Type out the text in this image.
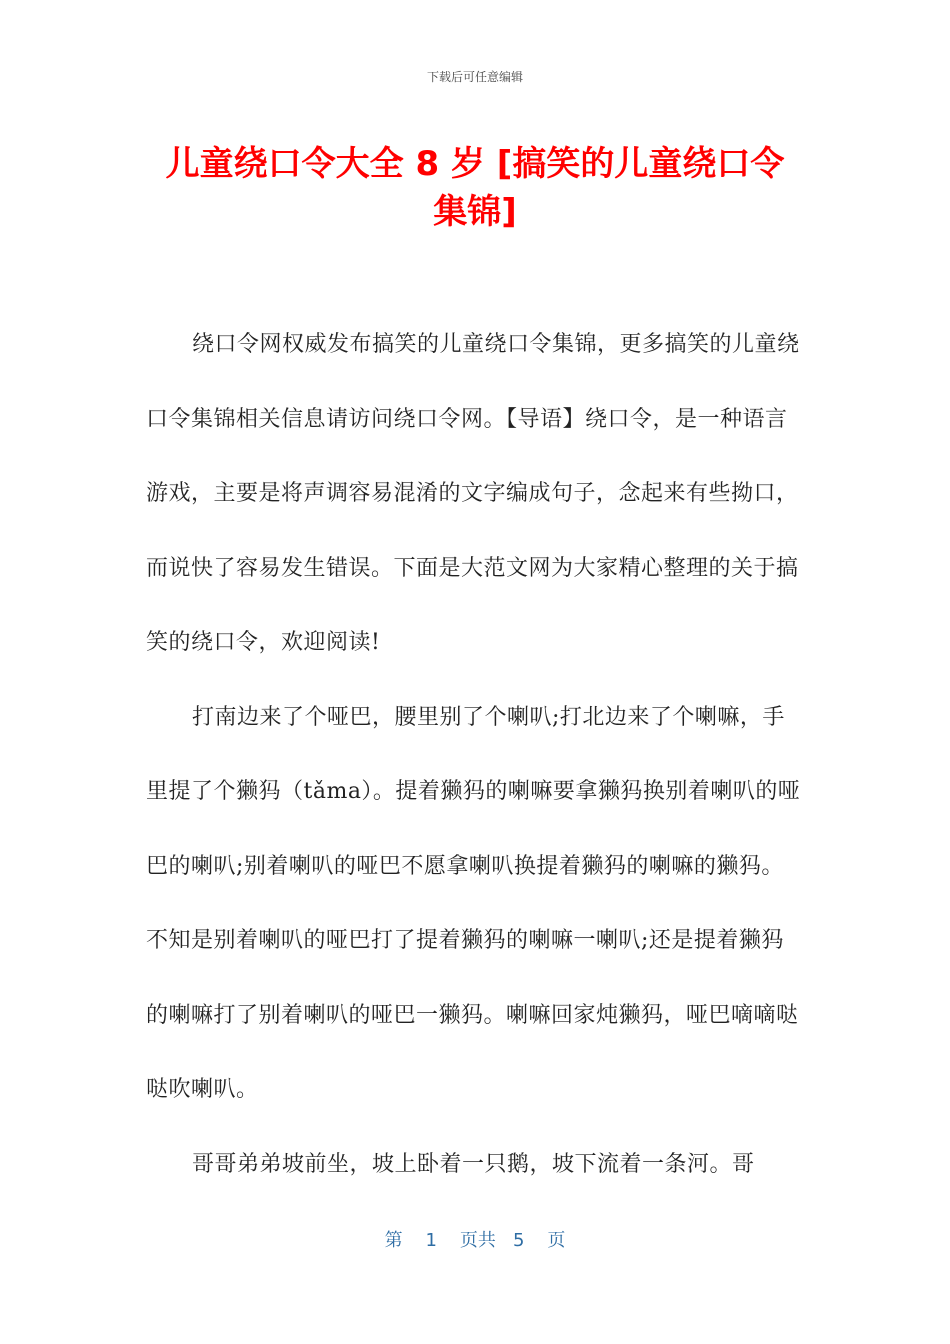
下载后可任意编辑
儿童绕口令大全 8 岁 [搞笑的儿童绕口令集锦]

绕口令网权威发布搞笑的儿童绕口令集锦，更多搞笑的儿童绕口令集锦相关信息请访问绕口令网。【导语】绕口令，是一种语言游戏，主要是将声调容易混淆的文字编成句子，念起来有些拗口，而说快了容易发生错误。下面是大范文网为大家精心整理的关于搞笑的绕口令，欢迎阅读!

打南边来了个哑巴，腰里别了个喇叭;打北边来了个喇嘛，手里提了个獭犸（tǎma）。提着獭犸的喇嘛要拿獭犸换别着喇叭的哑巴的喇叭;别着喇叭的哑巴不愿拿喇叭换提着獭犸的喇嘛的獭犸。不知是别着喇叭的哑巴打了提着獭犸的喇嘛一喇叭;还是提着獭犸的喇嘛打了别着喇叭的哑巴一獭犸。喇嘛回家炖獭犸，哑巴嘀嘀哒哒吹喇叭。

哥哥弟弟坡前坐，坡上卧着一只鹅，坡下流着一条河。哥

第 1 页共 5 页
